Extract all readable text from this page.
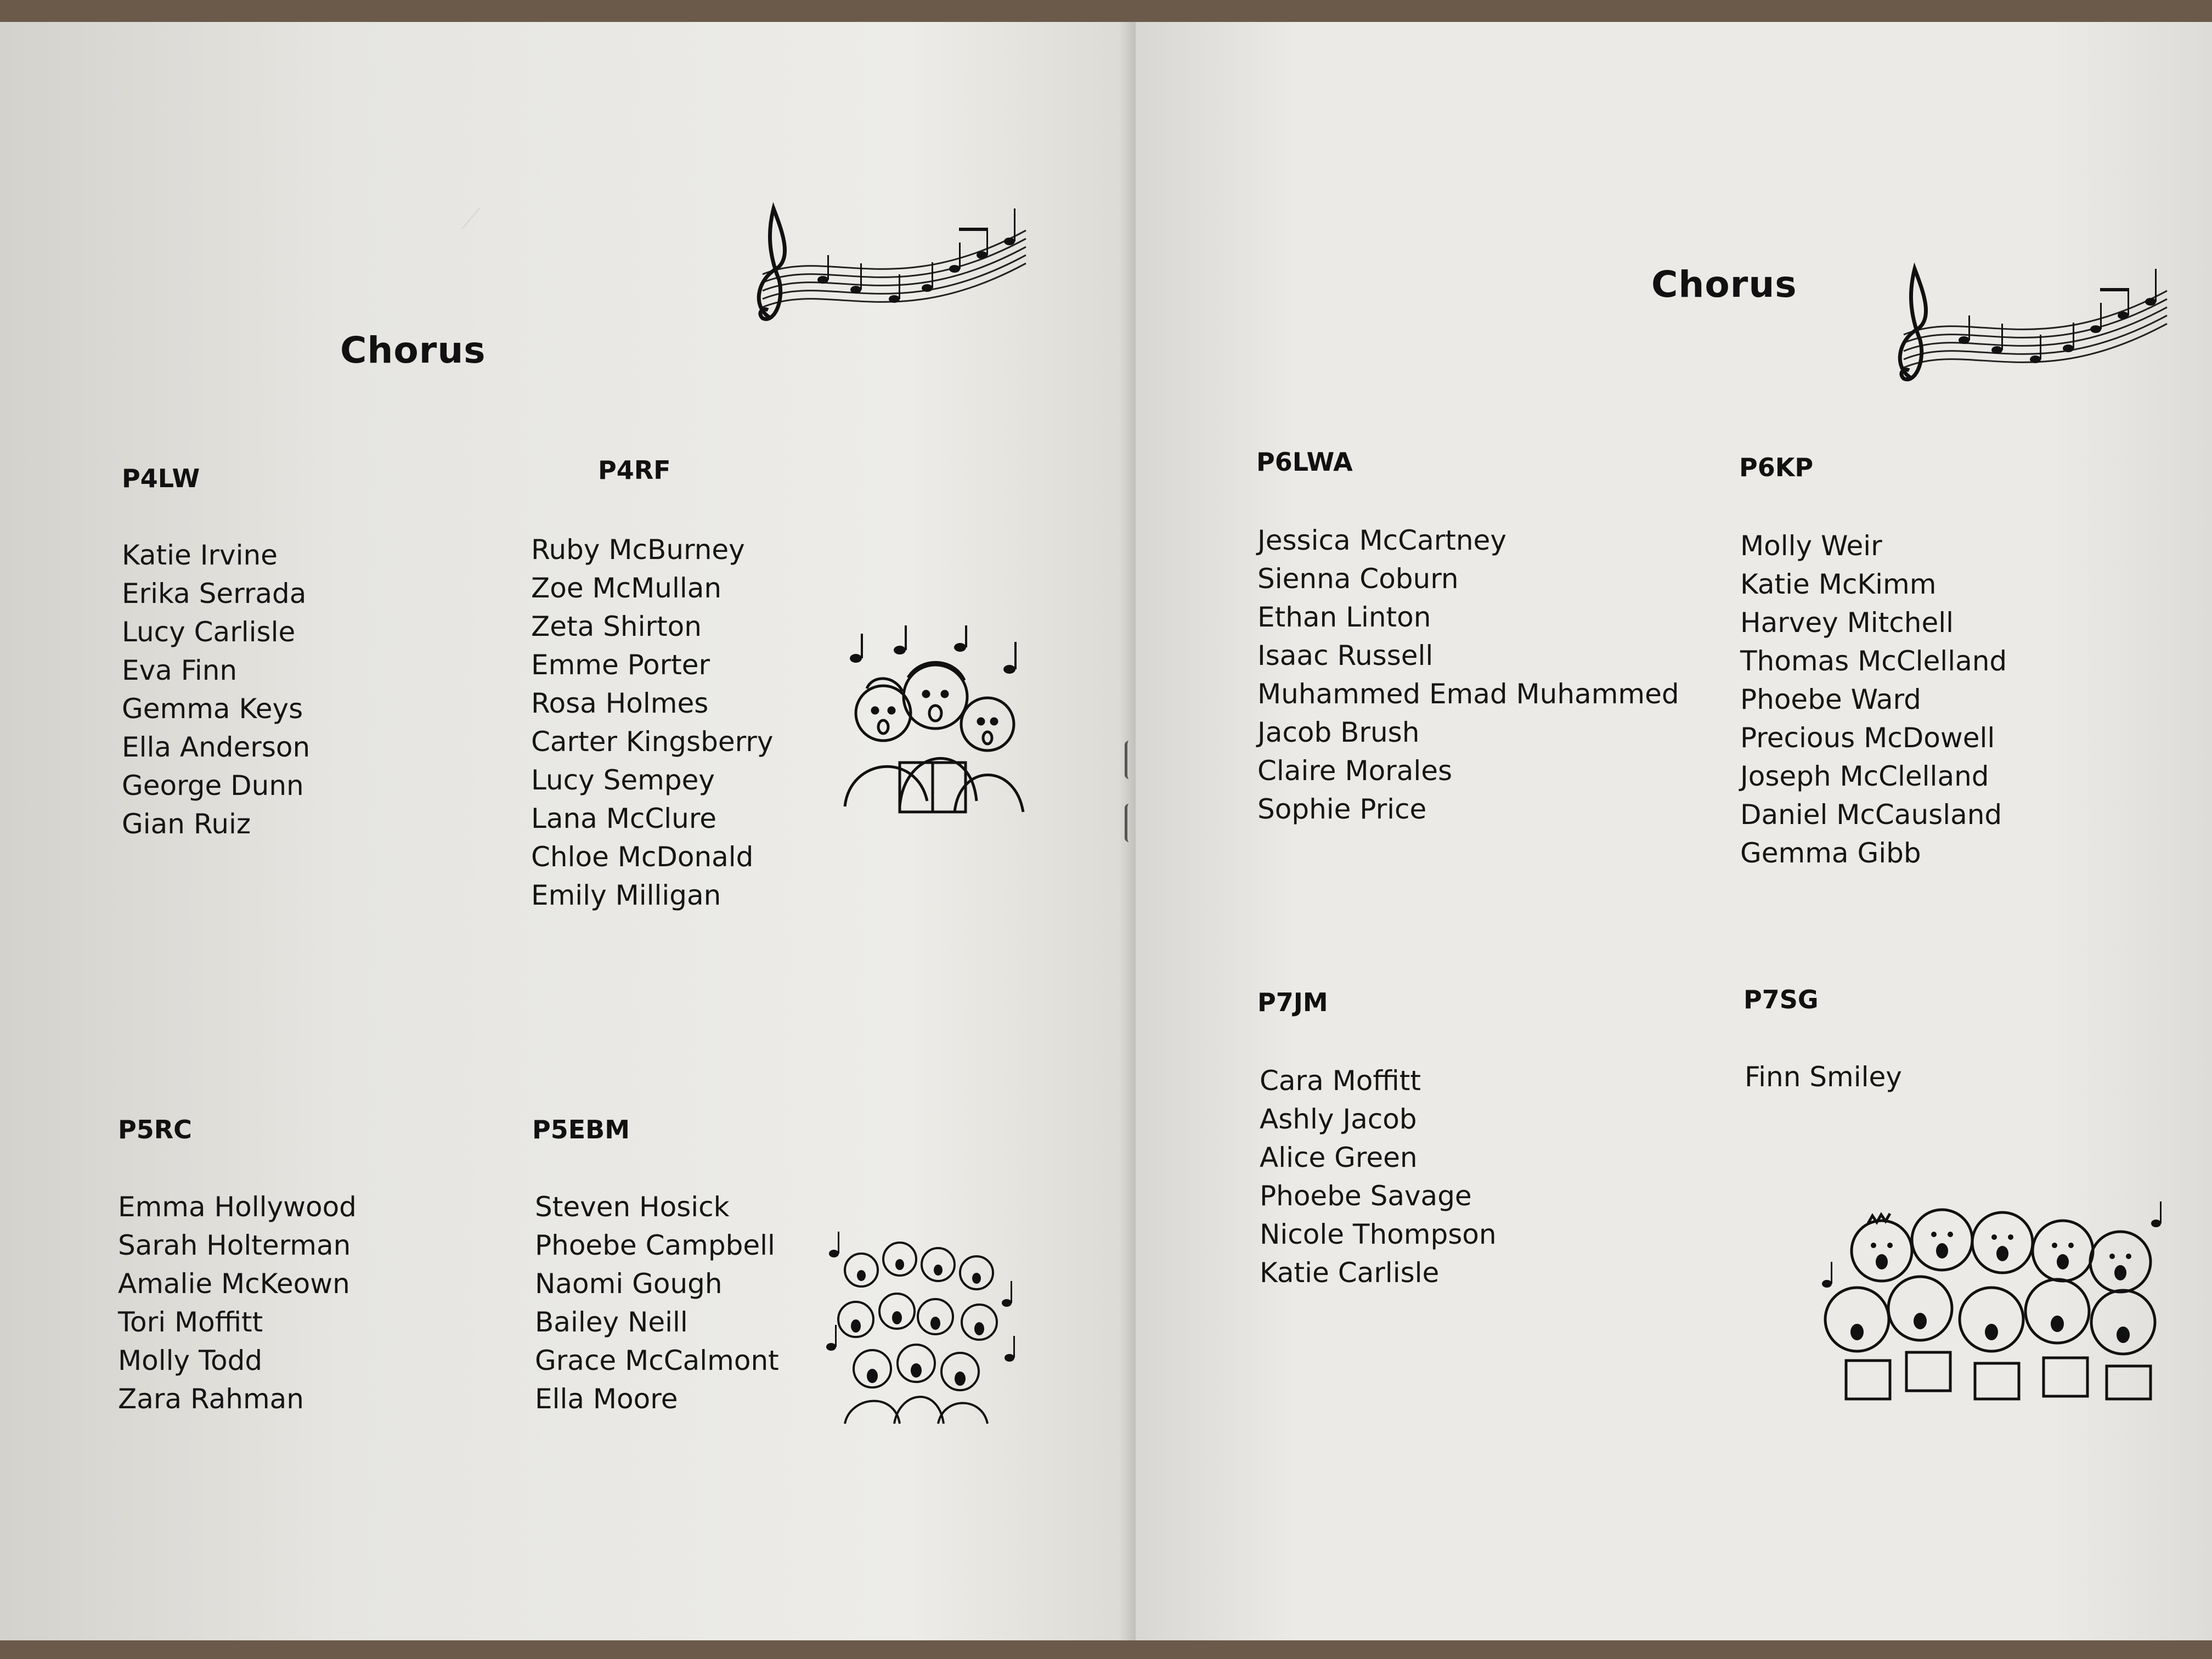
⟋
Chorus
P4LW
Katie Irvine
Erika Serrada
Lucy Carlisle
Eva Finn
Gemma Keys
Ella Anderson
George Dunn
Gian Ruiz
P4RF
Ruby McBurney
Zoe McMullan
Zeta Shirton
Emme Porter
Rosa Holmes
Carter Kingsberry
Lucy Sempey
Lana McClure
Chloe McDonald
Emily Milligan
P5RC
Emma Hollywood
Sarah Holterman
Amalie McKeown
Tori Moffitt
Molly Todd
Zara Rahman
P5EBM
Steven Hosick
Phoebe Campbell
Naomi Gough
Bailey Neill
Grace McCalmont
Ella Moore
Chorus
P6LWA
Jessica McCartney
Sienna Coburn
Ethan Linton
Isaac Russell
Muhammed Emad Muhammed
Jacob Brush
Claire Morales
Sophie Price
P6KP
Molly Weir
Katie McKimm
Harvey Mitchell
Thomas McClelland
Phoebe Ward
Precious McDowell
Joseph McClelland
Daniel McCausland
Gemma Gibb
P7JM
Cara Moffitt
Ashly Jacob
Alice Green
Phoebe Savage
Nicole Thompson
Katie Carlisle
P7SG
Finn Smiley
